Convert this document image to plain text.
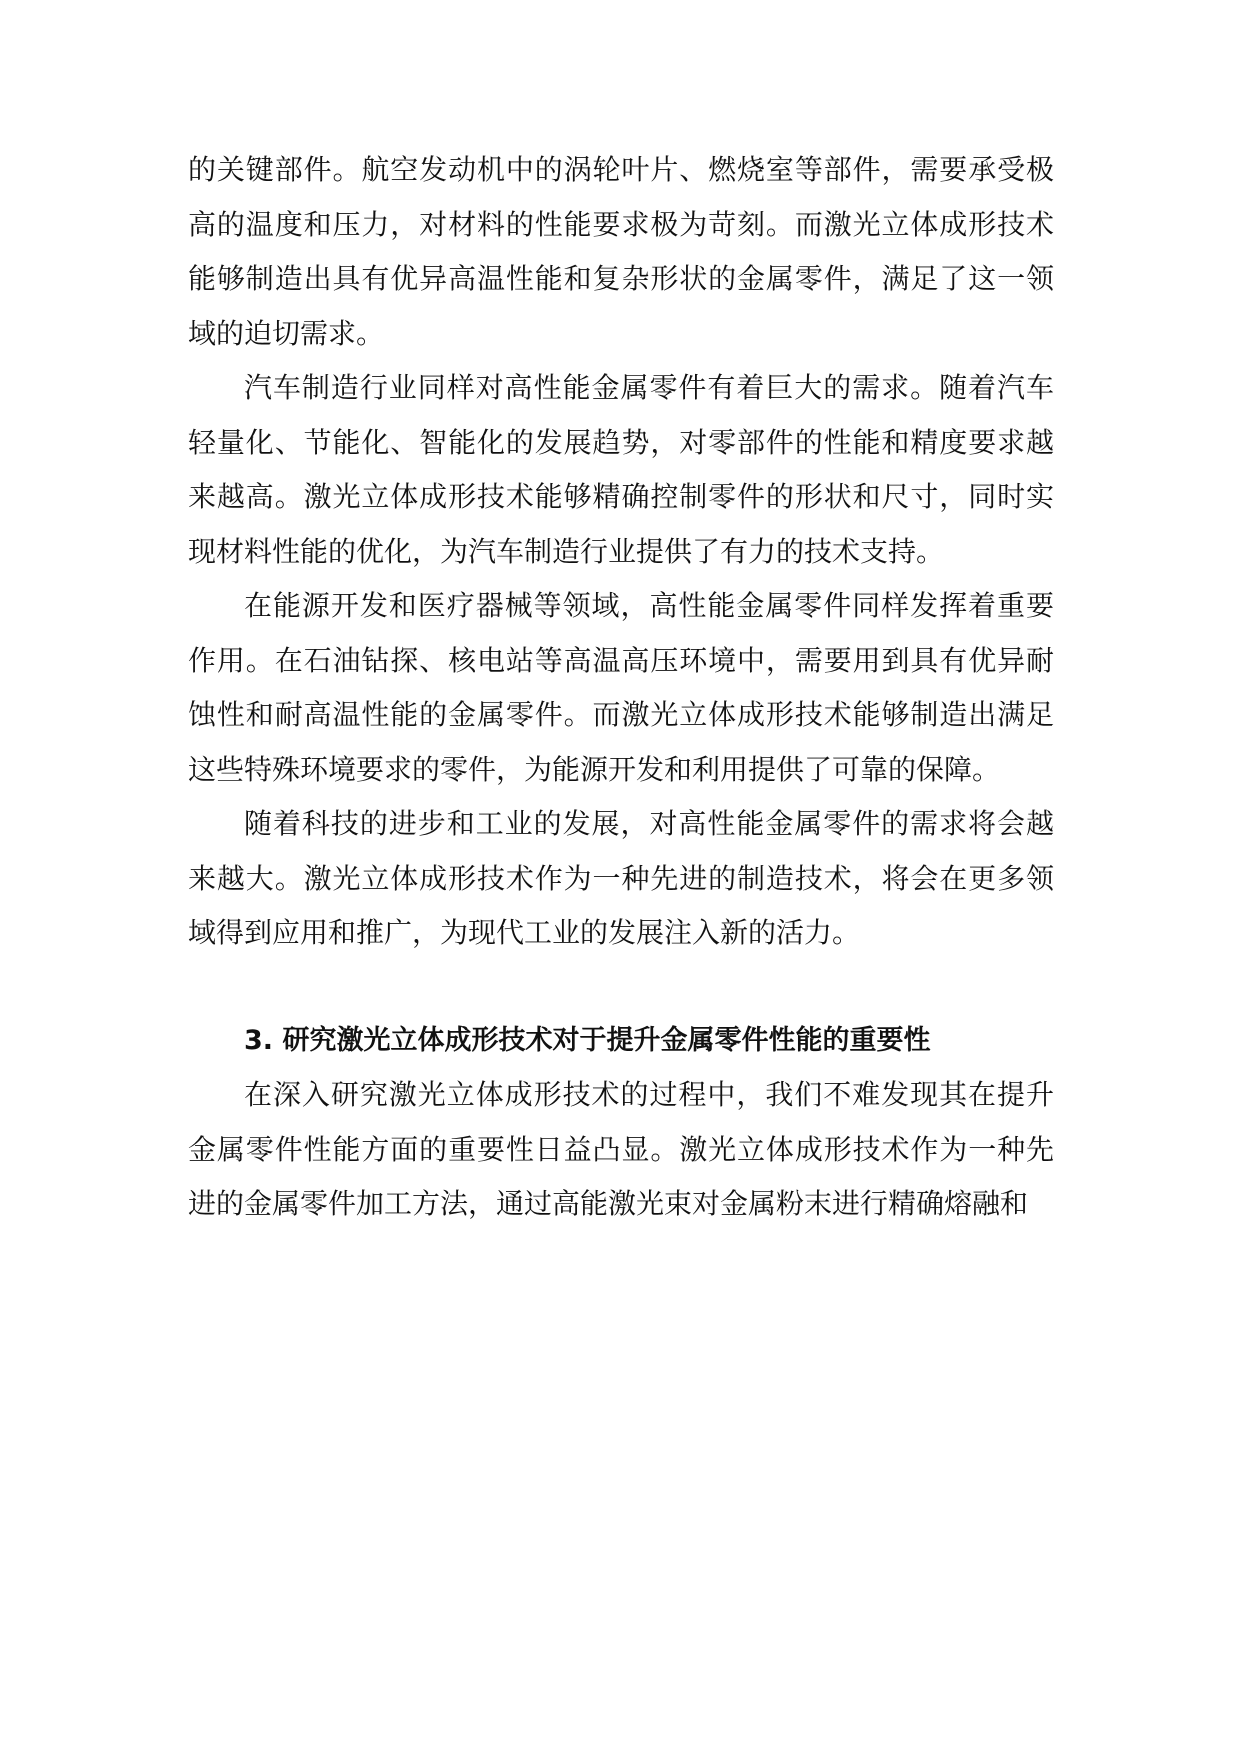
的关键部件。航空发动机中的涡轮叶片、燃烧室等部件，需要承受极高的温度和压力，对材料的性能要求极为苛刻。而激光立体成形技术能够制造出具有优异高温性能和复杂形状的金属零件，满足了这一领域的迫切需求。

汽车制造行业同样对高性能金属零件有着巨大的需求。随着汽车轻量化、节能化、智能化的发展趋势，对零部件的性能和精度要求越来越高。激光立体成形技术能够精确控制零件的形状和尺寸，同时实现材料性能的优化，为汽车制造行业提供了有力的技术支持。

在能源开发和医疗器械等领域，高性能金属零件同样发挥着重要作用。在石油钻探、核电站等高温高压环境中，需要用到具有优异耐蚀性和耐高温性能的金属零件。而激光立体成形技术能够制造出满足这些特殊环境要求的零件，为能源开发和利用提供了可靠的保障。

随着科技的进步和工业的发展，对高性能金属零件的需求将会越来越大。激光立体成形技术作为一种先进的制造技术，将会在更多领域得到应用和推广，为现代工业的发展注入新的活力。

3. 研究激光立体成形技术对于提升金属零件性能的重要性

在深入研究激光立体成形技术的过程中，我们不难发现其在提升金属零件性能方面的重要性日益凸显。激光立体成形技术作为一种先进的金属零件加工方法，通过高能激光束对金属粉末进行精确熔融和
